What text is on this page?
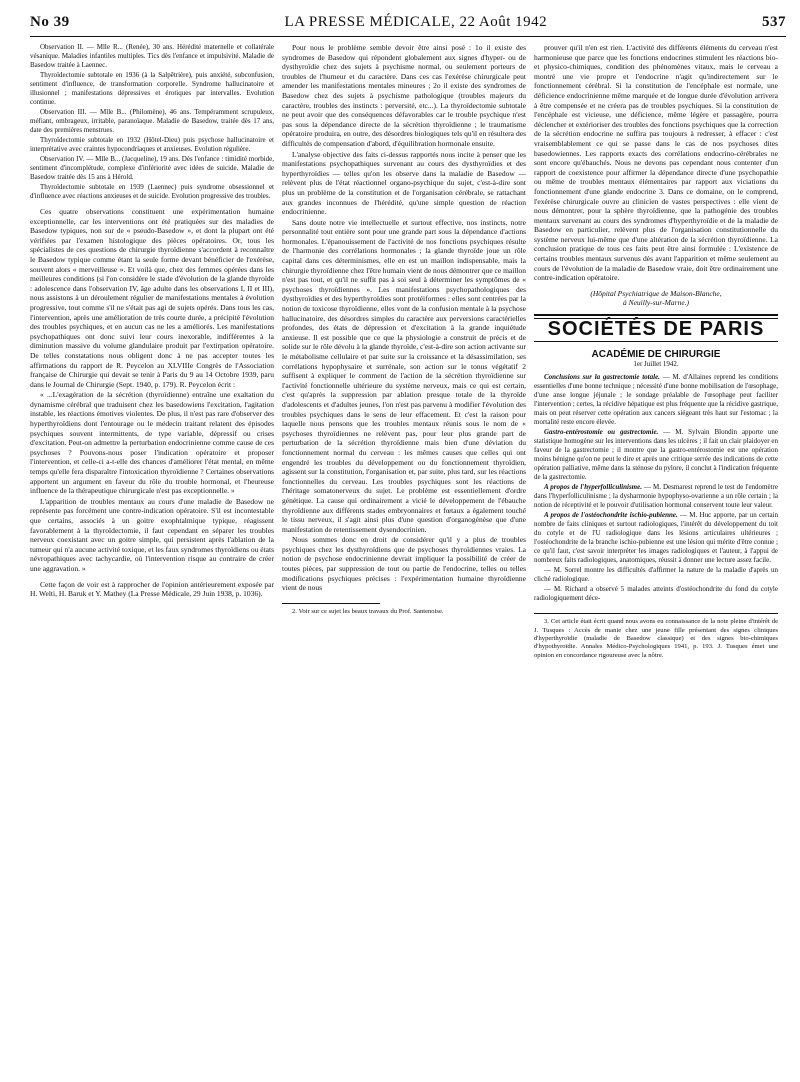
No 39	LA PRESSE MÉDICALE, 22 Août 1942	537

Observation II. — Mlle R... (Renée), 30 ans. Hérédité maternelle et collatérale vésanique. Maladies infantiles multiples. Tics dès l'enfance et impulsivité. Maladie de Basedow traitée à Laennec.

Thyroïdectomie subtotale en 1936 (à la Salpêtrière), puis anxiété, subconfusion, sentiment d'influence, de transformation corporelle. Syndrome hallucinatoire et illusionnel ; manifestations dépressives et érotiques par intervalles. Evolution continue.

Observation III. — Mlle B... (Philomène), 46 ans. Tempéramment scrupuleux, méfiant, ombrageux, irritable, paranoïaque. Maladie de Basedow, traitée dès 17 ans, date des premières menstrues.

Thyroïdectomie subtotale en 1932 (Hôtel-Dieu) puis psychose hallucinatoire et interprétative avec craintes hypocondriaques et anxieuses. Evolution régulière.

Observation IV. — Mlle B... (Jacqueline), 19 ans. Dès l'enfance : timidité morbide, sentiment d'incomplétude, complexe d'infériorité avec idées de suicide. Maladie de Basedow traitée dès 15 ans à Hérold.

Thyroïdectomie subtotale en 1939 (Laennec) puis syndrome obsessionnel et d'influence avec réactions anxieuses et de suicide. Evolution progressive des troubles.

Ces quatre observations constituent une expérimentation humaine exceptionnelle, car les interventions ont été pratiquées sur des maladies de Basedow typiques, non sur de « pseudo-Basedow », et dont la plupart ont été vérifiées par l'examen histologique des pièces opératoires. Or, tous les spécialistes de ces questions de chirurgie thyroïdienne s'accordent à reconnaître le Basedow typique comme étant la seule forme devant bénéficier de l'exérèse, souvent alors « merveilleuse ». Et voilà que, chez des femmes opérées dans les meilleures conditions (si l'on considère le stade d'évolution de la glande thyroïde : adolescence dans l'observation IV, âge adulte dans les observations I, II et III), nous assistons à un déroulement régulier de manifestations mentales à évolution progressive, tout comme s'il ne s'était pas agi de sujets opérés. Dans tous les cas, l'intervention, après une amélioration de très courte durée, a précipité l'évolution des troubles psychiques, et en aucun cas ne les a améliorés. Les manifestations psychopathiques ont donc suivi leur cours inexorable, indifférentes à la diminution massive du volume glandulaire produit par l'extirpation opératoire. De telles constatations nous obligent donc à ne pas accepter toutes les affirmations du rapport de R. Peycelon au XLVIIIe Congrès de l'Association française de Chirurgie qui devait se tenir à Paris du 9 au 14 Octobre 1939, paru dans le Journal de Chirurgie (Sept. 1940, p. 179). R. Peycelon écrit :

« ...L'exagération de la sécrétion (thyroïdienne) entraîne une exaltation du dynamisme cérébral que traduisent chez les basedowiens l'excitation, l'agitation instable, les réactions émotives violentes. De plus, il n'est pas rare d'observer des hyperthyroïdiens dont l'entourage ou le médecin traitant relatent des épisodes psychiques souvent intermittents, de type variable, dépressif ou crises d'excitation. Peut-on admettre la perturbation endocrinienne comme cause de ces psychoses ? Pouvons-nous poser l'indication opératoire et proposer l'intervention, et celle-ci a-t-elle des chances d'améliorer l'état mental, en même temps qu'elle fera disparaître l'intoxication thyroïdienne ? Certaines observations apportent un argument en faveur du rôle du trouble hormonal, et l'heureuse influence de la thérapeutique chirurgicale n'est pas exceptionnelle. »

L'apparition de troubles mentaux au cours d'une maladie de Basedow ne représente pas forcément une contre-indication opératoire. S'il est incontestable que certains, associés à un goitre exophtalmique typique, réagissent favorablement à la thyroïdectomie, il faut cependant en séparer les troubles nerveux coexistant avec un goitre simple, qui persistent après l'ablation de la tumeur qui n'a aucune activité toxique, et les faux syndromes thyroïdiens ou états névropathiques avec tachycardie, où l'intervention risque au contraire de créer une aggravation. »

Cette façon de voir est à rapprocher de l'opinion antérieurement exposée par H. Welti, H. Baruk et Y. Mathey (La Presse Médicale, 29 Juin 1938, p. 1036).

Pour nous le problème semble devoir être ainsi posé : 1o il existe des syndromes de Basedow qui répondent globalement aux signes d'hyper- ou de dysthyroïdie chez des sujets à psychisme normal, ou seulement porteurs de troubles de l'humeur et du caractère. Dans ces cas l'exérèse chirurgicale peut amender les manifestations mentales mineures ; 2o il existe des syndromes de Basedow chez des sujets à psychisme pathologique (troubles majeurs du caractère, troubles des instincts : perversité, etc...). La thyroïdectomie subtotale ne peut avoir que des conséquences défavorables car le trouble psychique n'est pas sous la dépendance directe de la sécrétion thyroïdienne ; le traumatisme opératoire produira, en outre, des désordres biologiques tels qu'il en résultera des difficultés de compensation d'abord, d'équilibration hormonale ensuite.

L'analyse objective des faits ci-dessus rapportés nous incite à penser que les manifestations psychopathiques survenant au cours des dysthyroïdies et des hyperthyroïdies — telles qu'on les observe dans la maladie de Basedow — relèvent plus de l'état réactionnel organo-psychique du sujet, c'est-à-dire sont plus un problème de la constitution et de l'organisation cérébrale, se rattachant aux grandes inconnues de l'hérédité, qu'une simple question de réaction endocrinienne.

Sans doute notre vie intellectuelle et surtout effective, nos instincts, notre personnalité tout entière sont pour une grande part sous la dépendance d'actions hormonales. L'épanouissement de l'activité de nos fonctions psychiques résulte de l'harmonie des corrélations hormonales ; la glande thyroïde joue un rôle capital dans ces déterminismes, elle en est un maillon indispensable, mais la chirurgie thyroïdienne chez l'être humain vient de nous démontrer que ce maillon n'est pas tout, et qu'il ne suffit pas à soi seul à déterminer les symptômes de « psychoses thyroïdiennes ». Les manifestations psychopathologiques des dysthyroïdies et des hyperthyroïdies sont protéiformes : elles sont centrées par la notion de toxicose thyroïdienne, elles vont de la confusion mentale à la psychose hallucinatoire, des désordres simples du caractère aux perversions caractérielles profondes, des états de dépression et d'excitation à la grande inquiétude anxieuse. Il est possible que ce que la physiologie a construit de précis et de solide sur le rôle dévolu à la glande thyroïde, c'est-à-dire son action activante sur le métabolisme cellulaire et par suite sur la croissance et la désassimilation, ses corrélations hypophysaire et surrénale, son action sur le tonus végétatif 2 suffisent à expliquer le comment de l'action de la sécrétion thyroïdienne sur l'activité fonctionnelle ultérieure du système nerveux, mais ce qui est certain, c'est qu'après la suppression par ablation presque totale de la thyroïde d'adolescents et d'adultes jeunes, l'on n'est pas parvenu à modifier l'évolution des troubles psychiques dans le sens de leur effacement. Et c'est la raison pour laquelle nous pensons que les troubles mentaux réunis sous le nom de « psychoses thyroïdiennes ne relèvent pas, pour leur plus grande part de perturbation de la sécrétion thyroïdienne mais bien d'une déviation du fonctionnement normal du cerveau : les mêmes causes que celles qui ont engendré les troubles du développement ou du fonctionnement thyroïdien, agissent sur la constitution, l'organisation et, par suite, plus tard, sur les réactions fonctionnelles du cerveau. Les troubles psychiques sont les réactions de l'héritage somatonerveux du sujet. Le problème est essentiellement d'ordre génétique. La cause qui ordinairement a vicié le développement de l'ébauche thyroïdienne aux différents stades embryonnaires et fœtaux a également touché le tissu nerveux, il s'agit ainsi plus d'une question d'organogénèse que d'une manifestation de retentissement dysendocrinien.

Nous sommes donc en droit de considérer qu'il y a plus de troubles psychiques chez les dysthyroïdiens que de psychoses thyroïdiennes vraies. La notion de psychose endocrinienne devrait impliquer la possibilité de créer de toutes pièces, par suppression de tout ou partie de l'endocrine, telles ou telles modifications psychiques précises : l'expérimentation humaine thyroïdienne vient de nous

2. Voir sur ce sujet les beaux travaux du Prof. Santenoise.

prouver qu'il n'en est rien. L'activité des différents éléments du cerveau n'est harmonieuse que parce que les fonctions endocrines stimulent les réactions bio- et physico-chimiques, condition des phénomènes vitaux, mais le cerveau a montré une vie propre et l'endocrine n'agit qu'indirectement sur le fonctionnement cérébral. Si la constitution de l'encéphale est normale, une déficience endocrinienne même marquée et de longue durée d'évolution arrivera à être compensée et ne créera pas de troubles psychiques. Si la constitution de l'encéphale est vicieuse, une déficience, même légère et passagère, pourra déclencher et extérioriser des troubles des fonctions psychiques que la correction de la sécrétion endocrine ne suffira pas toujours à redresser, à effacer : c'est vraisemblablement ce qui se passe dans le cas de nos psychoses dites basedowiennes. Les rapports exacts des corrélations endocrino-cérébrales ne sont encore qu'ébauchés. Nous ne devons pas cependant nous contenter d'un rapport de coexistence pour affirmer la dépendance directe d'une psychopathie ou même de troubles mentaux élémentaires par rapport aux viciations du fonctionnement d'une glande endocrine 3. Dans ce domaine, on le comprend, l'exérèse chirurgicale ouvre au clinicien de vastes perspectives : elle vient de nous démontrer, pour la sphère thyroïdienne, que la pathogénie des troubles mentaux survenant au cours des syndromes d'hyperthyroïdie et de la maladie de Basedow en particulier, relèvent plus de l'organisation constitutionnelle du système nerveux lui-même que d'une altération de la sécrétion thyroïdienne. La conclusion pratique de tous ces faits peut être ainsi formulée : L'existence de certains troubles mentaux survenus dès avant l'apparition et même seulement au cours de l'évolution de la maladie de Basedow vraie, doit être ordinairement une contre-indication opératoire.

(Hôpital Psychiatrique de Maison-Blanche,
à Neuilly-sur-Marne.)
SOCIÉTÉS DE PARIS
ACADÉMIE DE CHIRURGIE
1er Juillet 1942.

Conclusions sur la gastrectomie totale. — M. d'Allaines reprend les conditions essentielles d'une bonne technique ; nécessité d'une bonne mobilisation de l'œsophage, d'une anse longue jéjunale ; le sondage préalable de l'œsophage peut faciliter l'intervention ; certes, la récidive hépatique est plus fréquente que la récidive gastrique, mais on peut réserver cette opération aux cancers siégeant très haut sur l'estomac ; la mortalité reste encore élevée.

Gastro-entérostomie ou gastrectomie. — M. Sylvain Blondin apporte une statistique homogène sur les interventions dans les ulcères ; il fait un clair plaidoyer en faveur de la gastrectomie ; il montre que la gastro-entérostomie est une opération moins bénigne qu'on ne peut le dire et après une critique serrée des indications de cette opération palliative, même dans la sténose du pylore, il conclut à l'indication fréquente de la gastrectomie.

A propos de l'hyperfolliculinisme. — M. Desmarest reprend le test de l'endomètre dans l'hyperfolliculinisme ; la dysharmonie hypophyso-ovarienne a un rôle certain ; la notion de réceptivité et le pouvoir d'utilisation hormonal conservent toute leur valeur.

A propos de l'ostéochondrite ischio-pubienne. — M. Huc apporte, par un certain nombre de faits cliniques et surtout radiologiques, l'intérêt du développement du toit du cotyle et de l'U radiologique dans les lésions articulaires ultérieures ; l'ostéochondrite de la branche ischio-pubienne est une lésion qui mérite d'être connue ; ce qu'il faut, c'est savoir interpréter les images radiologiques et l'auteur, à l'appui de nombreux faits radiologiques, anatomiques, réussit à donner une lecture assez facile.

— M. Sorrel montre les difficultés d'affirmer la nature de la maladie d'après un cliché radiologique.

— M. Richard a observé 5 malades atteints d'ostéochondrite du fond du cotyle radiologiquement déce-

3. Cet article était écrit quand nous avons eu connaissance de la note pleine d'intérêt de J. Tusques : Accès de manie chez une jeune fille présentant des signes cliniques d'hyperthyroïdie (maladie de Basedow classique) et des signes bio-chimiques d'hypothyroïdie. Annales Médico-Psychologiques 1941, p. 193. J. Tusques émet une opinion en concordance rigoureuse avec la nôtre.
